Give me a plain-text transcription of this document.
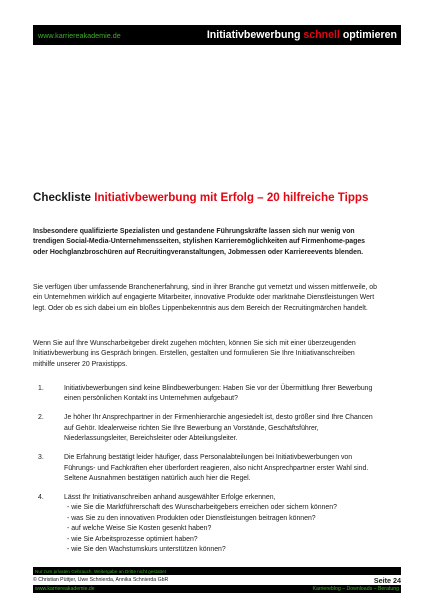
www.karriereakademie.de	Initiativbewerbung schnell optimieren
Checkliste Initiativbewerbung mit Erfolg – 20 hilfreiche Tipps

Insbesondere qualifizierte Spezialisten und gestandene Führungskräfte lassen sich nur wenig von trendigen Social-Media-Unternehmensseiten, stylishen Karrieremöglichkeiten auf Firmenhome-pages oder Hochglanzbroschüren auf Recruitingveranstaltungen, Jobmessen oder Karriereevents blenden.

Sie verfügen über umfassende Branchenerfahrung, sind in ihrer Branche gut vernetzt und wissen mittlerweile, ob ein Unternehmen wirklich auf engagierte Mitarbeiter, innovative Produkte oder marktnahe Dienstleistungen Wert legt. Oder ob es sich dabei um ein bloßes Lippenbekenntnis aus dem Bereich der Recruitingmärchen handelt.

Wenn Sie auf Ihre Wunscharbeitgeber direkt zugehen möchten, können Sie sich mit einer überzeugenden Initiativbewerbung ins Gespräch bringen. Erstellen, gestalten und formulieren Sie Ihre Initiativanschreiben mithilfe unserer 20 Praxistipps.

1.	Initiativbewerbungen sind keine Blindbewerbungen: Haben Sie vor der Übermittlung Ihrer Bewerbung einen persönlichen Kontakt ins Unternehmen aufgebaut?
2.	Je höher Ihr Ansprechpartner in der Firmenhierarchie angesiedelt ist, desto größer sind Ihre Chancen auf Gehör. Idealerweise richten Sie Ihre Bewerbung an Vorstände, Geschäftsführer, Niederlassungsleiter, Bereichsleiter oder Abteilungsleiter.
3.	Die Erfahrung bestätigt leider häufiger, dass Personalabteilungen bei Initiativbewerbungen von Führungs- und Fachkräften eher überfordert reagieren, also nicht Ansprechpartner erster Wahl sind. Seltene Ausnahmen bestätigen natürlich auch hier die Regel.
4.	Lässt Ihr Initiativanschreiben anhand ausgewählter Erfolge erkennen,
- wie Sie die Marktführerschaft des Wunscharbeitgebers erreichen oder sichern können?
- was Sie zu den innovativen Produkten oder Dienstleistungen beitragen können?
- auf welche Weise Sie Kosten gesenkt haben?
- wie Sie Arbeitsprozesse optimiert haben?
- wie Sie den Wachstumskurs unterstützen können?
Nur zum privaten Gebrauch, Weitergabe an Dritte nicht gestattet
© Christian Püttjer, Uwe Schnierda, Annika Schnierda GbR	Seite 24
www.karriereakademie.de	Karriereblog – Downloads – Beratung
